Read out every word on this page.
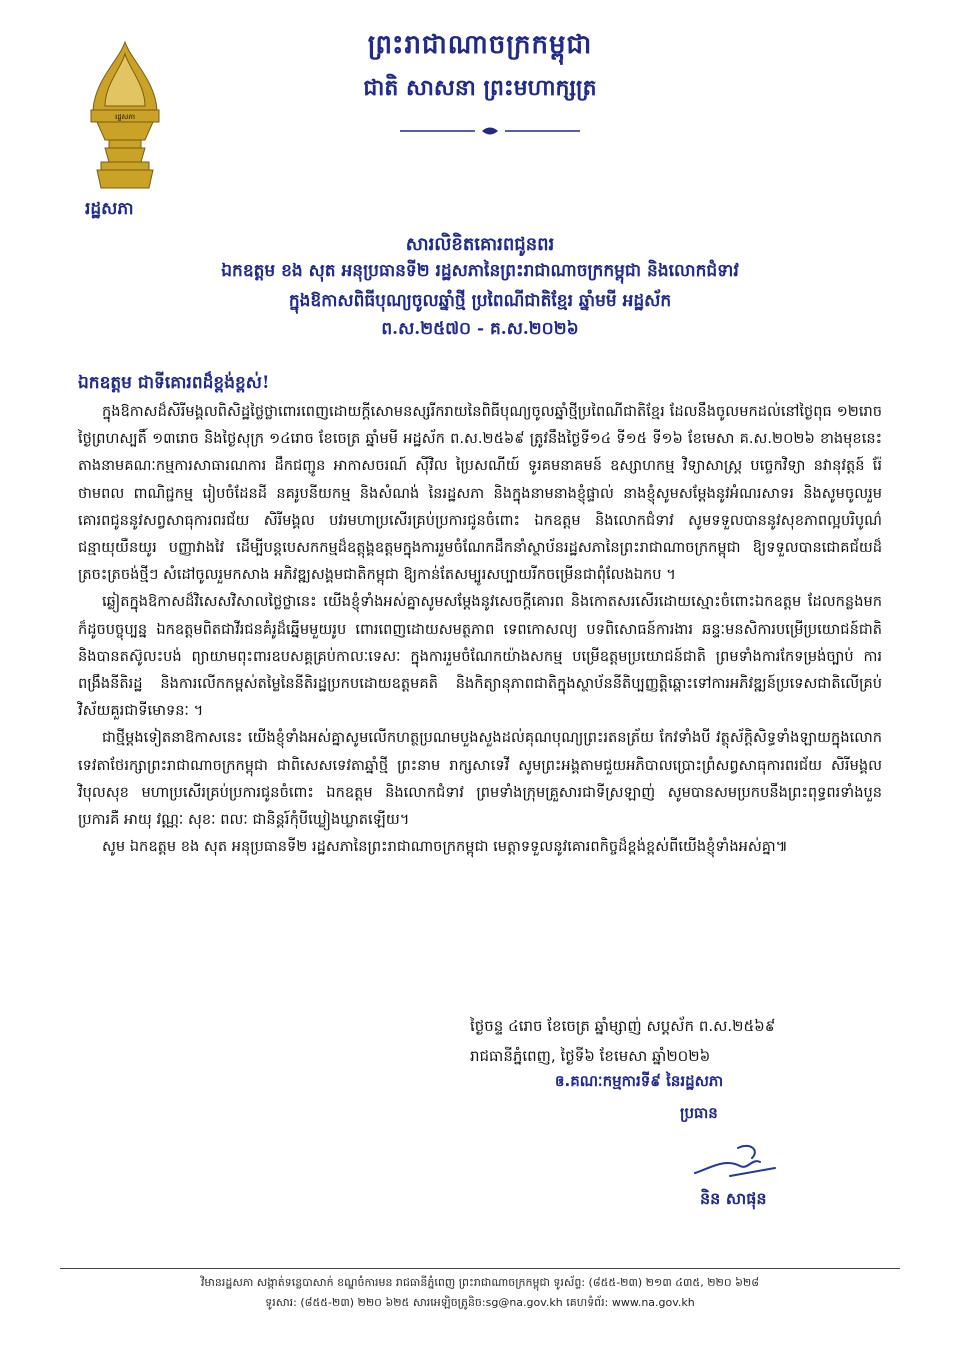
ព្រះរាជាណាចក្រកម្ពុជា
ជាតិ សាសនា ព្រះមហាក្សត្រ
រដ្ឋសភា
រដ្ឋសភា
សារលិខិតគោរពជូនពរ
ឯកឧត្តម ខង សុត អនុប្រធានទី២ រដ្ឋសភានៃព្រះរាជាណាចក្រកម្ពុជា និងលោកជំទាវ
ក្នុងឱកាសពិធីបុណ្យចូលឆ្នាំថ្មី ប្រពៃណីជាតិខ្មែរ ឆ្នាំមមី អដ្ឋស័ក
ព.ស.២៥៧០ - គ.ស.២០២៦
ឯកឧត្តម ជាទីគោរពដ៏ខ្ពង់ខ្ពស់!

ក្នុងឱកាសដ៏សិរីមង្គលពិសិដ្ឋថ្លៃថ្លាពោរពេញដោយក្តីសោមនស្សរីករាយនៃពិធីបុណ្យចូលឆ្នាំថ្មីប្រពៃណីជាតិខ្មែរ ដែលនឹងចូលមកដល់នៅថ្ងៃពុធ ១២រោច ថ្ងៃព្រហស្បតិ៍ ១៣រោច និងថ្ងៃសុក្រ ១៤រោច ខែចេត្រ ឆ្នាំមមី អដ្ឋស័ក ព.ស.២៥៦៩ ត្រូវនឹងថ្ងៃទី១៤ ទី១៥ ទី១៦ ខែមេសា គ.ស.២០២៦ ខាងមុខនេះ តាងនាមគណៈកម្មការសាធារណការ ដឹកជញ្ជូន អាកាសចរណ៍ ស៊ីវិល ប្រៃសណីយ៍ ទូរគមនាគមន៍ ឧស្សាហកម្ម វិទ្យាសាស្ត្រ បច្ចេកវិទ្យា នវានុវត្តន៍ រ៉ែ ថាមពល ពាណិជ្ជកម្ម រៀបចំដែនដី នគរូបនីយកម្ម និងសំណង់ នៃរដ្ឋសភា និងក្នុងនាមនាងខ្ញុំផ្ទាល់ នាងខ្ញុំសូមសម្តែងនូវអំណរសាទរ និងសូមចូលរួមគោរពជូននូវសព្វសាធុការពរជ័យ សិរីមង្គល បវរមហាប្រសើរគ្រប់ប្រការជូនចំពោះ ឯកឧត្តម និងលោកជំទាវ សូមទទួលបាននូវសុខភាពល្អបរិបូណ៌ ជន្មាយុយឺនយូរ បញ្ញាវាងវៃ ដើម្បីបន្តបេសកកម្មដ៏ឧត្តុង្គឧត្តមក្នុងការរួមចំណែកដឹកនាំស្ថាប័នរដ្ឋសភានៃព្រះរាជាណាចក្រកម្ពុជា ឱ្យទទួលបានជោគជ័យដ៏ត្រចះត្រចង់ថ្មីៗ សំដៅចូលរួមកសាង អភិវឌ្ឍសង្គមជាតិកម្ពុជា ឱ្យកាន់តែសម្បូរសប្បាយរីកចម្រើនជាពុំលែងឯកប ។

ឆ្លៀតក្នុងឱកាសដ៏វិសេសវិសាលថ្លៃថ្លានេះ យើងខ្ញុំទាំងអស់គ្នាសូមសម្តែងនូវសេចក្តីគោរព និងកោតសរសើរដោយស្មោះចំពោះឯកឧត្តម ដែលកន្លងមកក៏ដូចបច្ចុប្បន្ន ឯកឧត្តមពិតជាវីរជនគំរូដ៏ឆ្នើមមួយរូប ពោរពេញដោយសមត្ថភាព ទេពកោសល្យ បទពិសោធន៍ការងារ ឆន្ទៈមនសិការបម្រើប្រយោជន៍ជាតិ និងបានតស៊ូលះបង់ ព្យាយាមពុះពារឧបសគ្គគ្រប់កាលៈទេសៈ ក្នុងការរួមចំណែកយ៉ាងសកម្ម បម្រើឧត្តមប្រយោជន៍ជាតិ ព្រមទាំងការកែទម្រង់ច្បាប់ ការពង្រឹងនីតិរដ្ឋ និងការលើកកម្ពស់តម្លៃនៃនីតិរដ្ឋប្រកបដោយឧត្តមគតិ និងកិត្យានុភាពជាតិក្នុងស្ថាប័ននីតិប្បញ្ញត្តិឆ្ពោះទៅការអភិវឌ្ឍន៍ប្រទេសជាតិលើគ្រប់វិស័យគួរជាទីមោទនៈ ។

ជាថ្មីម្តងទៀតនាឱកាសនេះ យើងខ្ញុំទាំងអស់គ្នាសូមលើកហត្ថប្រណមបួងសួងដល់គុណបុណ្យព្រះរតនត្រ័យ កែវទាំងបី វត្ថុស័ក្តិសិទ្ធទាំងឡាយក្នុងលោក ទេវតាថែរក្សាព្រះរាជាណាចក្រកម្ពុជា ជាពិសេសទេវតាឆ្នាំថ្មី ព្រះនាម រាក្សសាទេវី សូមព្រះអង្គតាមជួយអភិបាលប្រោះព្រំសព្វសាធុការពរជ័យ សិរីមង្គល វិបុលសុខ មហាប្រសើរគ្រប់ប្រការជូនចំពោះ ឯកឧត្តម និងលោកជំទាវ ព្រមទាំងក្រុមគ្រួសារជាទីស្រឡាញ់ សូមបានសមប្រកបនឹងព្រះពុទ្ធពរទាំងបួនប្រការគឺ អាយុ វណ្ណៈ សុខៈ ពលៈ ជានិន្តរ៍កុំបីឃ្លៀងឃ្លាតឡើយ។

សូម ឯកឧត្តម ខង សុត អនុប្រធានទី២ រដ្ឋសភានៃព្រះរាជាណាចក្រកម្ពុជា មេត្តាទទួលនូវគោរពកិច្ចដ៏ខ្ពង់ខ្ពស់ពីយើងខ្ញុំទាំងអស់គ្នា៕

ថ្ងៃចន្ទ ៤រោច ខែចេត្រ ឆ្នាំម្សាញ់ សប្តស័ក ព.ស.២៥៦៩
រាជធានីភ្នំពេញ, ថ្ងៃទី៦ ខែមេសា ឆ្នាំ២០២៦
ឲ.គណៈកម្មការទី៩ នៃរដ្ឋសភា
ប្រធាន
និន សាផុន
វិមានរដ្ឋសភា សង្កាត់ទន្លេបាសាក់ ខណ្ឌចំការមន រាជធានីភ្នំពេញ ព្រះរាជាណាចក្រកម្ពុជា ទូរស័ព្ទ: (៨៥៥-២៣) ២១៣ ៤៣៥, ២២០ ៦២៨
ទូរសារ: (៨៥៥-២៣) ២២០ ៦២៥ សារអេឡិចត្រូនិច:sg@na.gov.kh គេហទំព័រ: www.na.gov.kh
